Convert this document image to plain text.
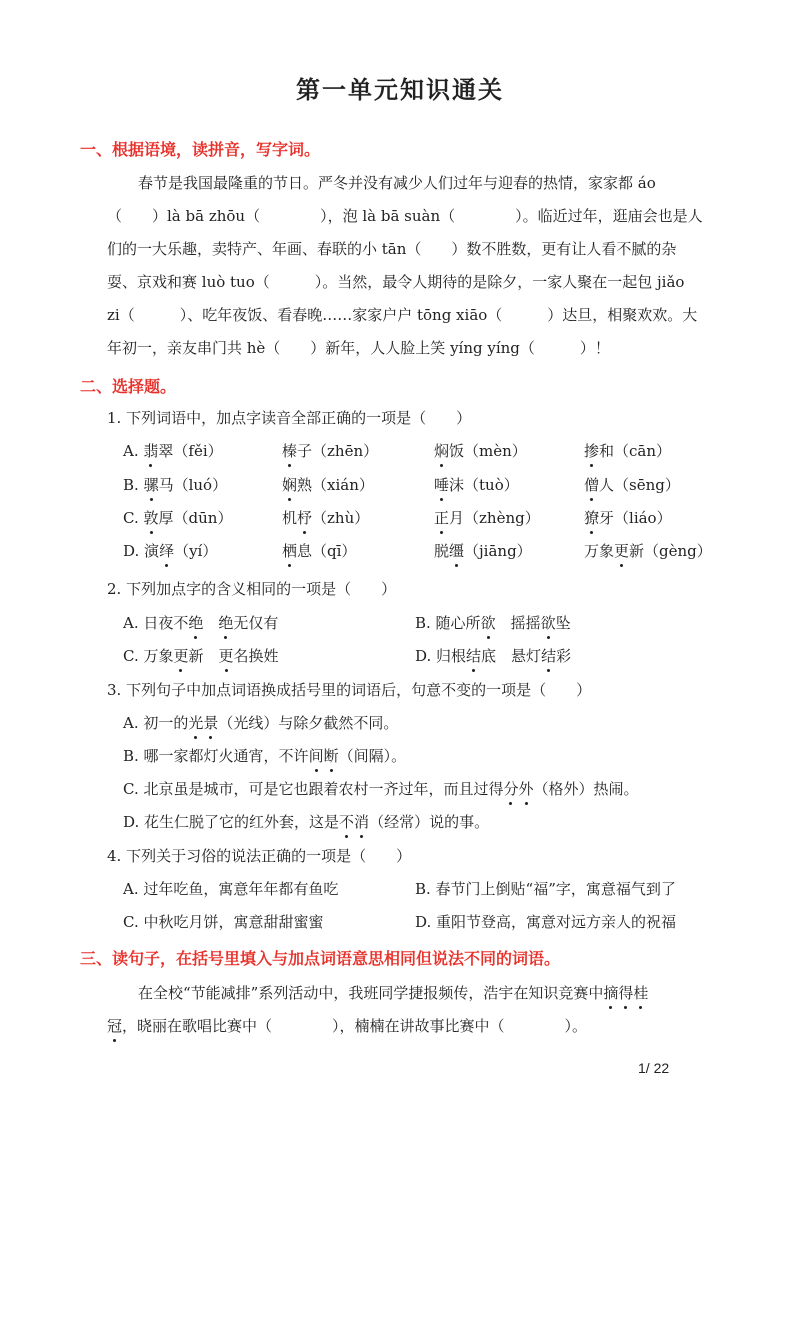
第一单元知识通关
一、根据语境，读拼音，写字词。
春节是我国最隆重的节日。严冬并没有减少人们过年与迎春的热情，家家都 áo
（　　）là bā zhōu（　　　　），泡 là bā suàn（　　　　）。临近过年，逛庙会也是人
们的一大乐趣，卖特产、年画、春联的小 tān（　　）数不胜数，更有让人看不腻的杂
耍、京戏和赛 luò tuo（　　　）。当然，最令人期待的是除夕，一家人聚在一起包 jiǎo
zi（　　　）、吃年夜饭、看春晚……家家户户 tōng xiāo（　　　）达旦，相聚欢欢。大
年初一，亲友串门共 hè（　　）新年，人人脸上笑 yíng yíng（　　　）！
二、选择题。
1. 下列词语中，加点字读音全部正确的一项是（　　）
A. 翡翠（fěi）	榛子（zhēn）	焖饭（mèn）	掺和（cān）
B. 骡马（luó）	娴熟（xián）	唾沫（tuò）	僧人（sēng）
C. 敦厚（dūn）	机杼（zhù）	正月（zhèng）	獠牙（liáo）
D. 演绎（yí）	栖息（qī）	脱缰（jiāng）	万象更新（gèng）
2. 下列加点字的含义相同的一项是（　　）
A. 日夜不绝　 绝无仅有	B. 随心所欲　摇摇欲坠
C. 万象更新　更名换姓	D. 归根结底　悬灯结彩
3. 下列句子中加点词语换成括号里的词语后，句意不变的一项是（　　）
A. 初一的光景（光线）与除夕截然不同。
B. 哪一家都灯火通宵，不许间断（间隔）。
C. 北京虽是城市，可是它也跟着农村一齐过年，而且过得分外（格外）热闹。
D. 花生仁脱了它的红外套，这是不消（经常）说的事。
4. 下列关于习俗的说法正确的一项是（　　）
A. 过年吃鱼，寓意年年都有鱼吃	B. 春节门上倒贴“福”字，寓意福气到了
C. 中秋吃月饼，寓意甜甜蜜蜜	D. 重阳节登高，寓意对远方亲人的祝福
三、读句子，在括号里填入与加点词语意思相同但说法不同的词语。
在全校“节能减排”系列活动中，我班同学捷报频传，浩宇在知识竞赛中摘得桂
冠，晓丽在歌唱比赛中（　　　　），楠楠在讲故事比赛中（　　　　）。
1/ 22
